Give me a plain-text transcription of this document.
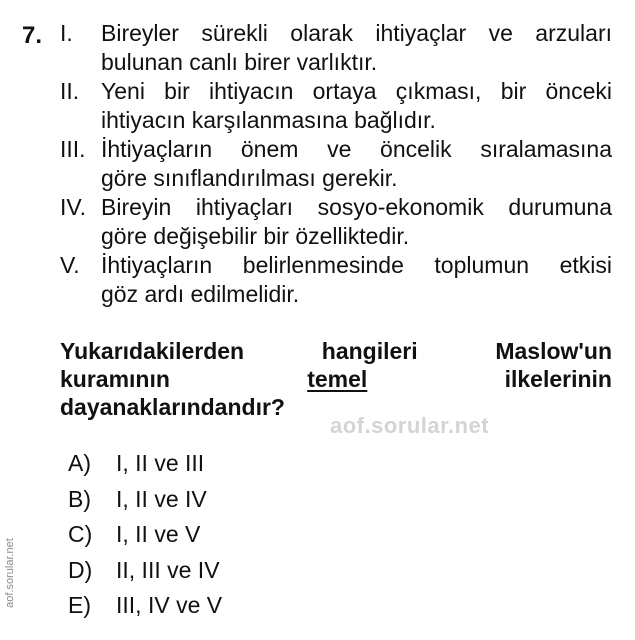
7. I.	Bireyler sürekli olarak ihtiyaçlar ve arzuları
bulunan canlı birer varlıktır.
II. Yeni bir ihtiyacın ortaya çıkması, bir önceki
ihtiyacın karşılanmasına bağlıdır.
III. İhtiyaçların önem ve öncelik sıralamasına
göre sınıflandırılması gerekir.
IV. Bireyin ihtiyaçları sosyo-ekonomik durumuna
göre değişebilir bir özelliktedir.
V. İhtiyaçların belirlenmesinde toplumun etkisi
göz ardı edilmelidir.
Yukarıdakilerden	hangileri	Maslow'un
kuramının	temel	ilkelerinin
dayanaklarındandır?
aof.sorular.net
aof.sorular.net
A)	I, II ve III
B)	I, II ve IV
C)	I, II ve V
D)	II, III ve IV
E)	III, IV ve V
